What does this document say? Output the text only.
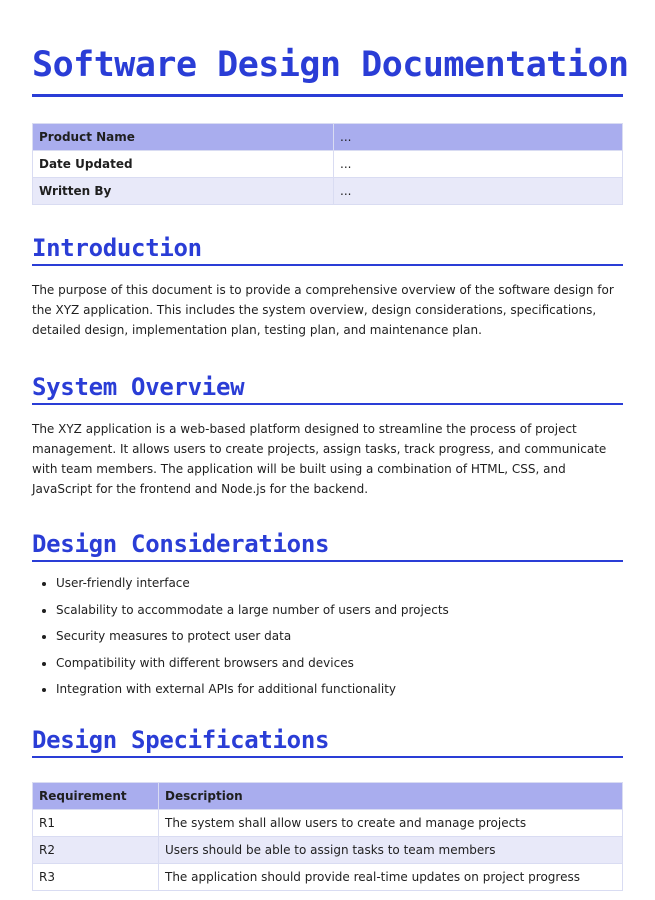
Software Design Documentation
Product Name	...
Date Updated	...
Written By	...
Introduction

The purpose of this document is to provide a comprehensive overview of the software design for the XYZ application. This includes the system overview, design considerations, specifications, detailed design, implementation plan, testing plan, and maintenance plan.

System Overview

The XYZ application is a web-based platform designed to streamline the process of project management. It allows users to create projects, assign tasks, track progress, and communicate with team members. The application will be built using a combination of HTML, CSS, and JavaScript for the frontend and Node.js for the backend.

Design Considerations
• User-friendly interface
• Scalability to accommodate a large number of users and projects
• Security measures to protect user data
• Compatibility with different browsers and devices
• Integration with external APIs for additional functionality
Design Specifications
Requirement	Description
R1	The system shall allow users to create and manage projects
R2	Users should be able to assign tasks to team members
R3	The application should provide real-time updates on project progress
